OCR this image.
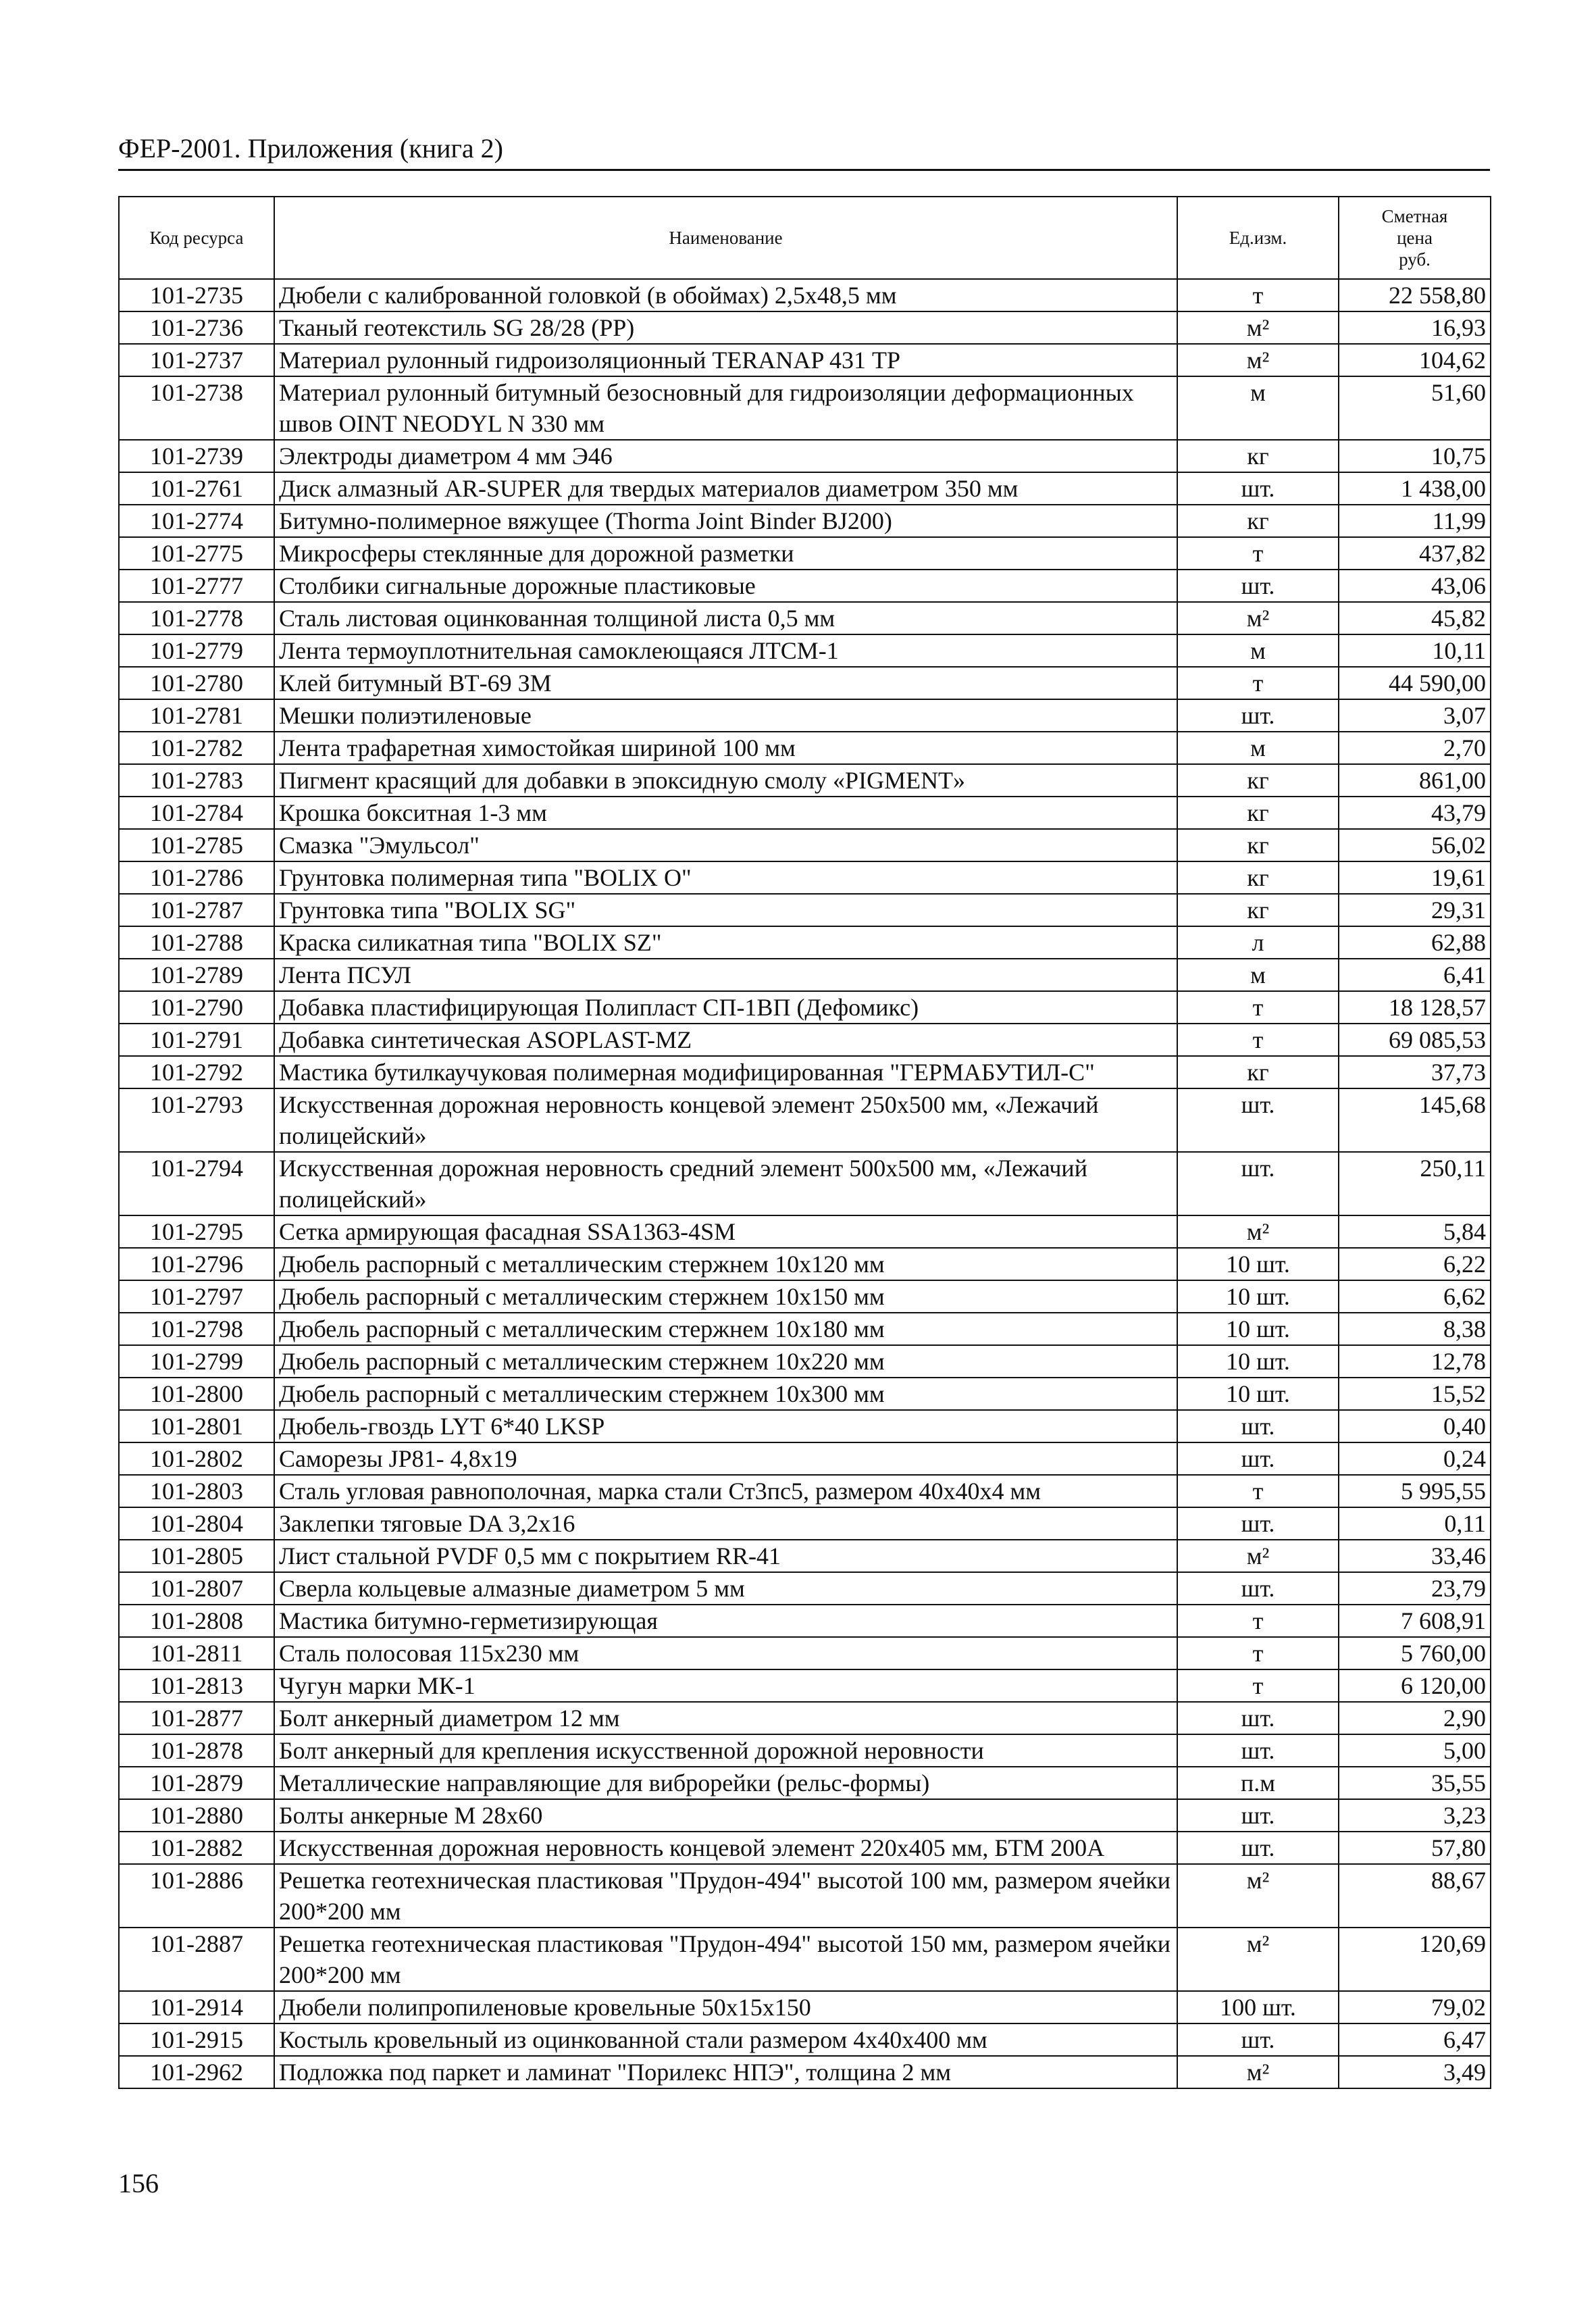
ФЕР-2001. Приложения (книга 2)
Код ресурса	Наименование	Ед.изм.	Сметная
цена
руб.

101-2735	Дюбели с калиброванной головкой (в обоймах) 2,5х48,5 мм	т	22 558,80
101-2736	Тканый геотекстиль SG 28/28 (PP)	м²	16,93
101-2737	Материал рулонный гидроизоляционный TERANAP 431 ТР	м²	104,62
101-2738	Материал рулонный битумный безосновный для гидроизоляции деформационных швов OINT NEODYL N 330 мм	м	51,60
101-2739	Электроды диаметром 4 мм Э46	кг	10,75
101-2761	Диск алмазный AR-SUPER для твердых материалов диаметром 350 мм	шт.	1 438,00
101-2774	Битумно-полимерное вяжущее (Thorma Joint Binder BJ200)	кг	11,99
101-2775	Микросферы стеклянные для дорожной разметки	т	437,82
101-2777	Столбики сигнальные дорожные пластиковые	шт.	43,06
101-2778	Сталь листовая оцинкованная толщиной листа 0,5 мм	м²	45,82
101-2779	Лента термоуплотнительная самоклеющаяся ЛТСМ-1	м	10,11
101-2780	Клей битумный ВТ-69 ЗМ	т	44 590,00
101-2781	Мешки полиэтиленовые	шт.	3,07
101-2782	Лента трафаретная химостойкая шириной 100 мм	м	2,70
101-2783	Пигмент красящий для добавки в эпоксидную смолу «PIGMENT»	кг	861,00
101-2784	Крошка бокситная 1-3 мм	кг	43,79
101-2785	Смазка "Эмульсол"	кг	56,02
101-2786	Грунтовка полимерная типа "BOLIX O"	кг	19,61
101-2787	Грунтовка типа "BOLIX SG"	кг	29,31
101-2788	Краска силикатная типа "BOLIX SZ"	л	62,88
101-2789	Лента ПСУЛ	м	6,41
101-2790	Добавка пластифицирующая Полипласт СП-1ВП (Дефомикс)	т	18 128,57
101-2791	Добавка синтетическая ASOPLAST-MZ	т	69 085,53
101-2792	Мастика бутилкаучуковая полимерная модифицированная "ГЕРМАБУТИЛ-С"	кг	37,73
101-2793	Искусственная дорожная неровность концевой элемент 250х500 мм, «Лежачий полицейский»	шт.	145,68
101-2794	Искусственная дорожная неровность средний элемент 500х500 мм, «Лежачий полицейский»	шт.	250,11
101-2795	Сетка армирующая фасадная SSA1363-4SM	м²	5,84
101-2796	Дюбель распорный с металлическим стержнем 10х120 мм	10 шт.	6,22
101-2797	Дюбель распорный с металлическим стержнем 10х150 мм	10 шт.	6,62
101-2798	Дюбель распорный с металлическим стержнем 10х180 мм	10 шт.	8,38
101-2799	Дюбель распорный с металлическим стержнем 10х220 мм	10 шт.	12,78
101-2800	Дюбель распорный с металлическим стержнем 10х300 мм	10 шт.	15,52
101-2801	Дюбель-гвоздь LYT 6*40 LKSP	шт.	0,40
101-2802	Саморезы JP81- 4,8х19	шт.	0,24
101-2803	Сталь угловая равнополочная, марка стали Ст3пс5, размером 40х40х4 мм	т	5 995,55
101-2804	Заклепки тяговые DA 3,2х16	шт.	0,11
101-2805	Лист стальной PVDF 0,5 мм с покрытием RR-41	м²	33,46
101-2807	Сверла кольцевые алмазные диаметром 5 мм	шт.	23,79
101-2808	Мастика битумно-герметизирующая	т	7 608,91
101-2811	Сталь полосовая 115х230 мм	т	5 760,00
101-2813	Чугун марки МК-1	т	6 120,00
101-2877	Болт анкерный диаметром 12 мм	шт.	2,90
101-2878	Болт анкерный для крепления искусственной дорожной неровности	шт.	5,00
101-2879	Металлические направляющие для виброрейки (рельс-формы)	п.м	35,55
101-2880	Болты анкерные М 28х60	шт.	3,23
101-2882	Искусственная дорожная неровность концевой элемент 220х405 мм, БТМ 200А	шт.	57,80
101-2886	Решетка геотехническая пластиковая "Прудон-494" высотой 100 мм, размером ячейки 200*200 мм	м²	88,67
101-2887	Решетка геотехническая пластиковая "Прудон-494" высотой 150 мм, размером ячейки 200*200 мм	м²	120,69
101-2914	Дюбели полипропиленовые кровельные 50х15х150	100 шт.	79,02
101-2915	Костыль кровельный из оцинкованной стали размером 4х40х400 мм	шт.	6,47
101-2962	Подложка под паркет и ламинат "Порилекс НПЭ", толщина 2 мм	м²	3,49
156
